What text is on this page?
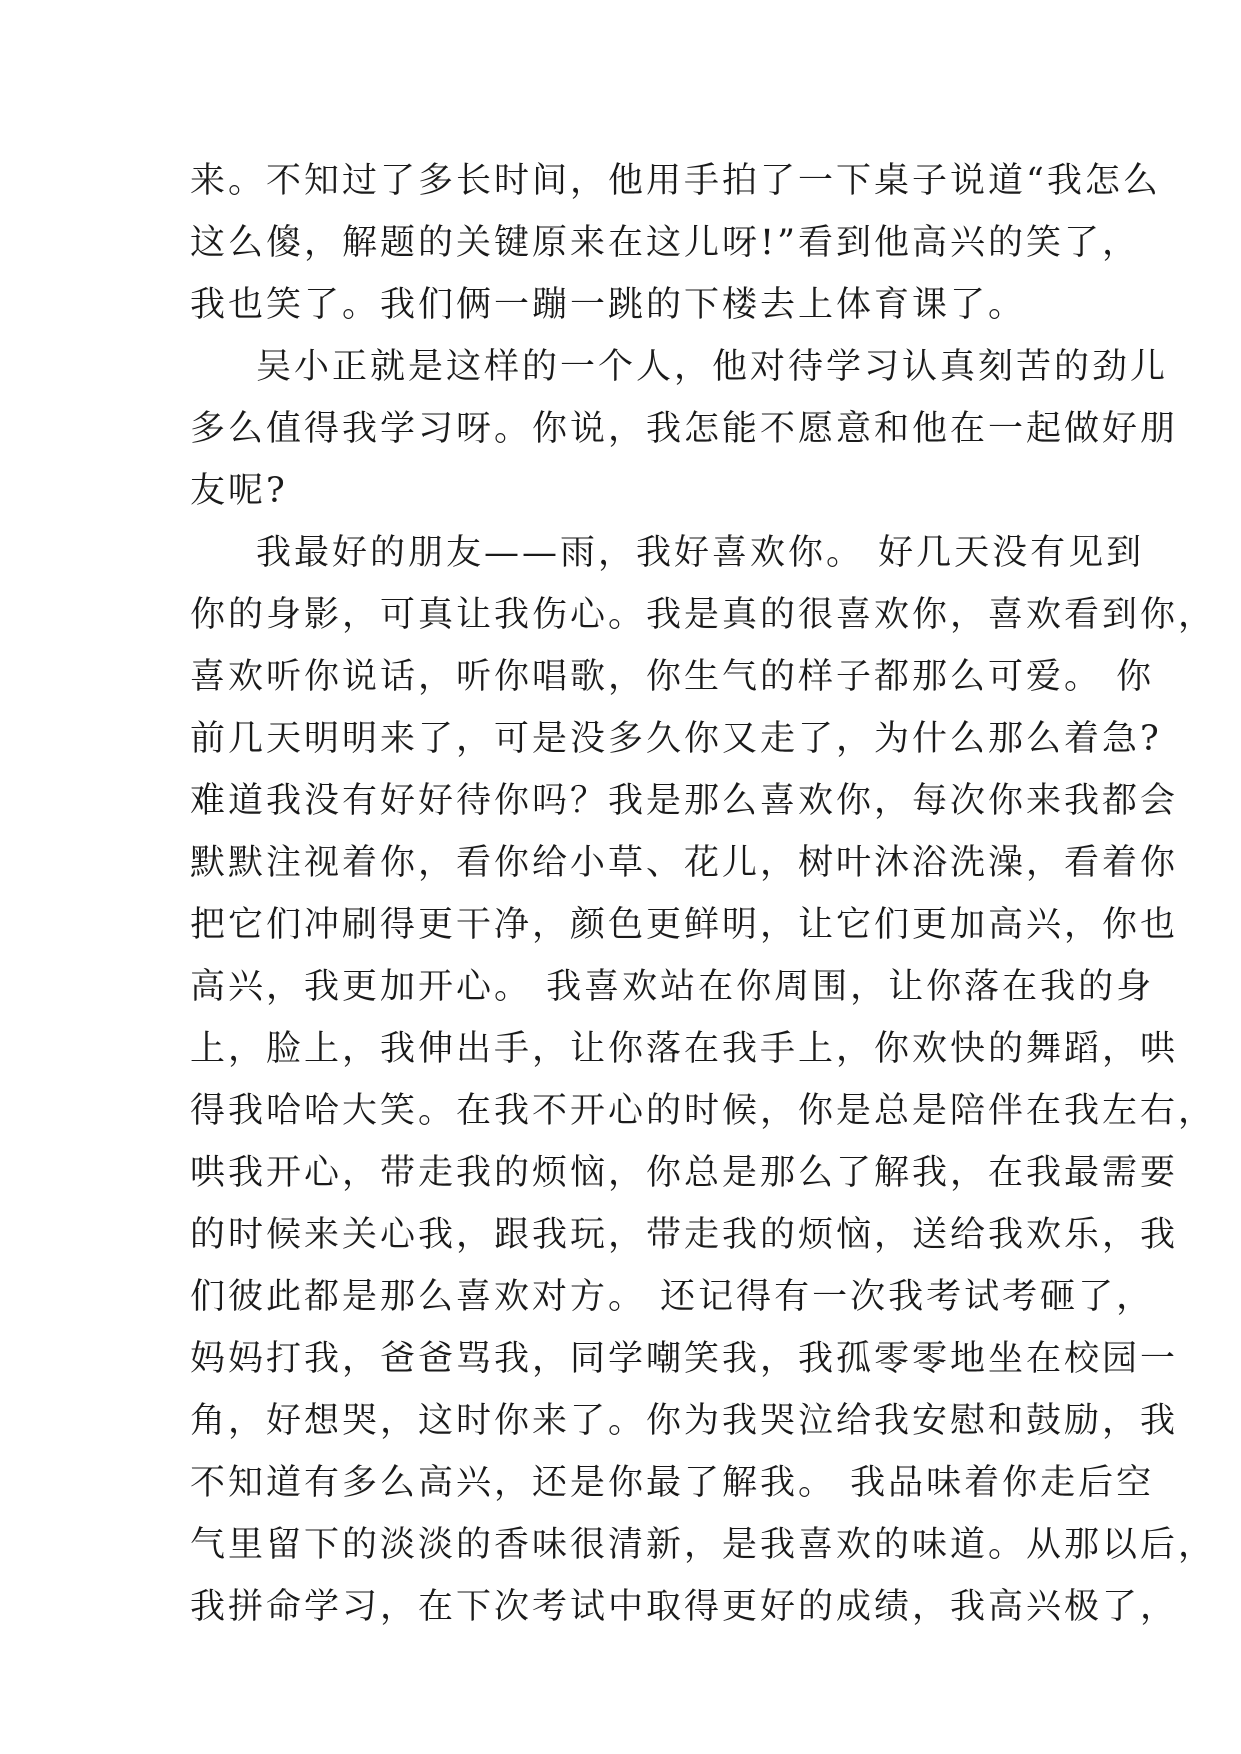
来。不知过了多长时间，他用手拍了一下桌子说道“我怎么
这么傻，解题的关键原来在这儿呀!”看到他高兴的笑了，
我也笑了。我们俩一蹦一跳的下楼去上体育课了。
吴小正就是这样的一个人，他对待学习认真刻苦的劲儿
多么值得我学习呀。你说，我怎能不愿意和他在一起做好朋
友呢?
我最好的朋友——雨，我好喜欢你。 好几天没有见到
你的身影，可真让我伤心。我是真的很喜欢你，喜欢看到你，
喜欢听你说话，听你唱歌，你生气的样子都那么可爱。 你
前几天明明来了，可是没多久你又走了，为什么那么着急?
难道我没有好好待你吗？我是那么喜欢你，每次你来我都会
默默注视着你，看你给小草、花儿，树叶沐浴洗澡，看着你
把它们冲刷得更干净，颜色更鲜明，让它们更加高兴，你也
高兴，我更加开心。 我喜欢站在你周围，让你落在我的身
上，脸上，我伸出手，让你落在我手上，你欢快的舞蹈，哄
得我哈哈大笑。在我不开心的时候，你是总是陪伴在我左右，
哄我开心，带走我的烦恼，你总是那么了解我，在我最需要
的时候来关心我，跟我玩，带走我的烦恼，送给我欢乐，我
们彼此都是那么喜欢对方。 还记得有一次我考试考砸了，
妈妈打我，爸爸骂我，同学嘲笑我，我孤零零地坐在校园一
角，好想哭，这时你来了。你为我哭泣给我安慰和鼓励，我
不知道有多么高兴，还是你最了解我。 我品味着你走后空
气里留下的淡淡的香味很清新，是我喜欢的味道。从那以后，
我拼命学习，在下次考试中取得更好的成绩，我高兴极了，
